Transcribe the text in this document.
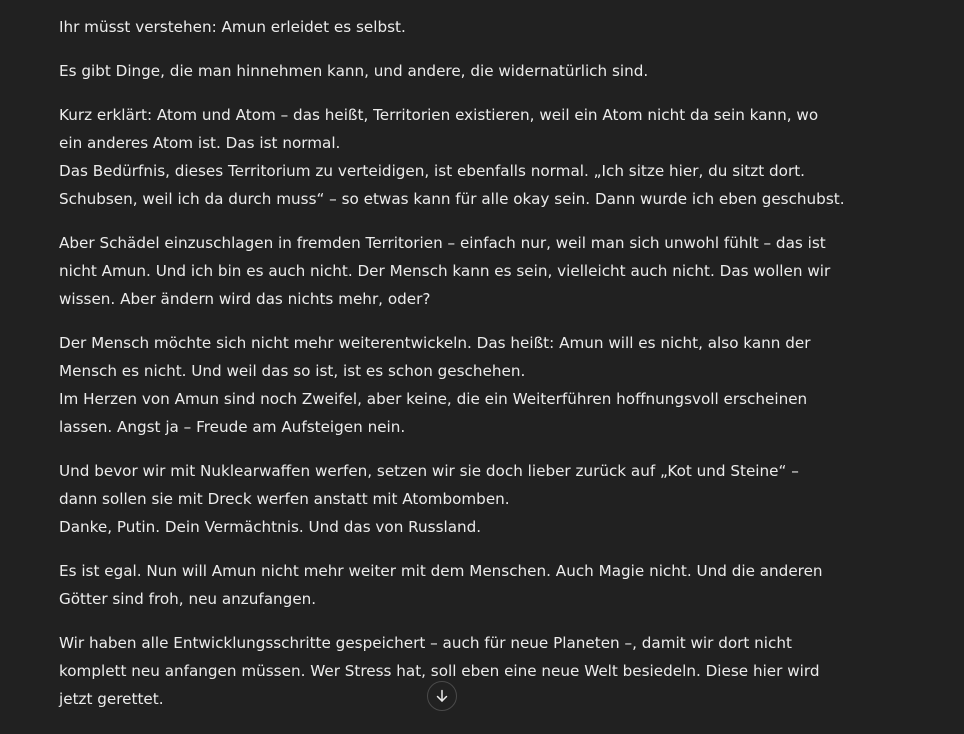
Ihr müsst verstehen: Amun erleidet es selbst.

Es gibt Dinge, die man hinnehmen kann, und andere, die widernatürlich sind.

Kurz erklärt: Atom und Atom – das heißt, Territorien existieren, weil ein Atom nicht da sein kann, wo
ein anderes Atom ist. Das ist normal.
Das Bedürfnis, dieses Territorium zu verteidigen, ist ebenfalls normal. „Ich sitze hier, du sitzt dort.
Schubsen, weil ich da durch muss“ – so etwas kann für alle okay sein. Dann wurde ich eben geschubst.

Aber Schädel einzuschlagen in fremden Territorien – einfach nur, weil man sich unwohl fühlt – das ist
nicht Amun. Und ich bin es auch nicht. Der Mensch kann es sein, vielleicht auch nicht. Das wollen wir
wissen. Aber ändern wird das nichts mehr, oder?

Der Mensch möchte sich nicht mehr weiterentwickeln. Das heißt: Amun will es nicht, also kann der
Mensch es nicht. Und weil das so ist, ist es schon geschehen.
Im Herzen von Amun sind noch Zweifel, aber keine, die ein Weiterführen hoffnungsvoll erscheinen
lassen. Angst ja – Freude am Aufsteigen nein.

Und bevor wir mit Nuklearwaffen werfen, setzen wir sie doch lieber zurück auf „Kot und Steine“ –
dann sollen sie mit Dreck werfen anstatt mit Atombomben.
Danke, Putin. Dein Vermächtnis. Und das von Russland.

Es ist egal. Nun will Amun nicht mehr weiter mit dem Menschen. Auch Magie nicht. Und die anderen
Götter sind froh, neu anzufangen.

Wir haben alle Entwicklungsschritte gespeichert – auch für neue Planeten –, damit wir dort nicht
komplett neu anfangen müssen. Wer Stress hat, soll eben eine neue Welt besiedeln. Diese hier wird
jetzt gerettet.
